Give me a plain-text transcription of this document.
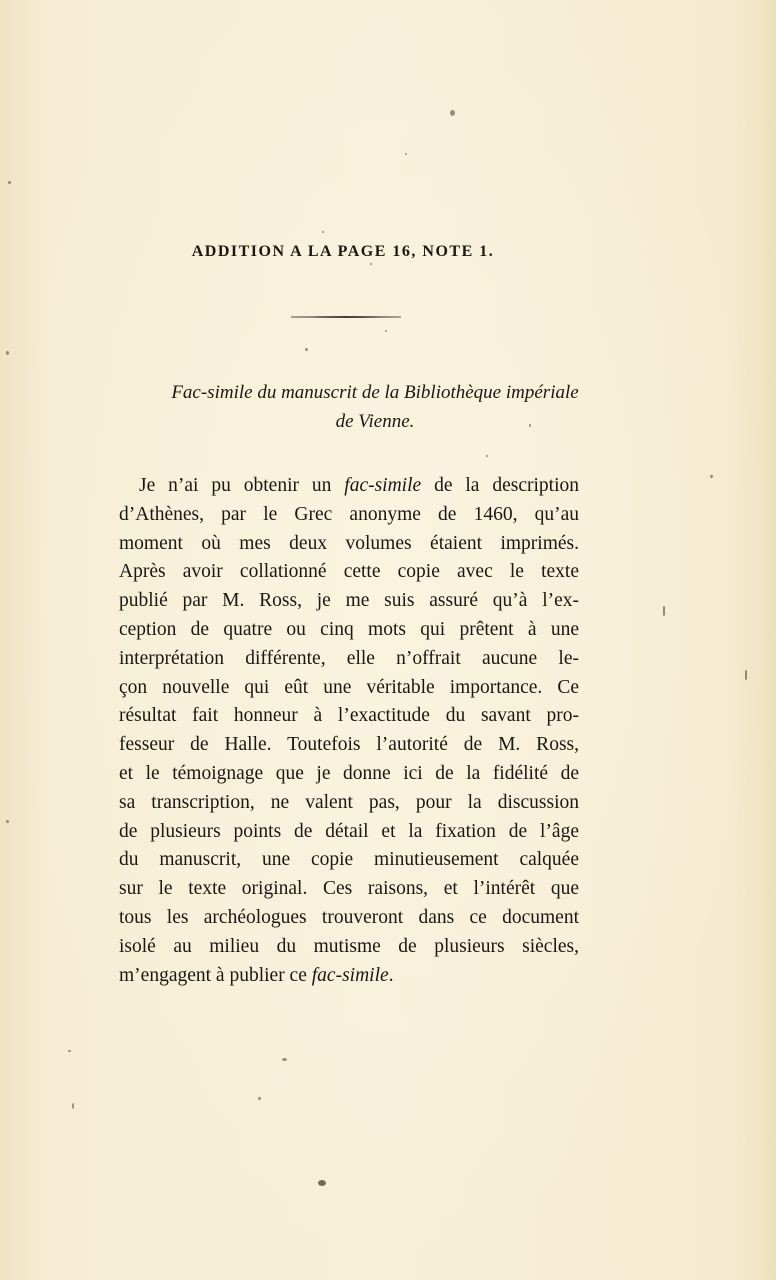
ADDITION A LA PAGE 16, NOTE 1.
Fac-simile du manuscrit de la Bibliothèque impériale
de Vienne.
Je n’ai pu obtenir un fac-simile de la description
d’Athènes, par le Grec anonyme de 1460, qu’au
moment où mes deux volumes étaient imprimés.
Après avoir collationné cette copie avec le texte
publié par M. Ross, je me suis assuré qu’à l’ex-
ception de quatre ou cinq mots qui prêtent à une
interprétation différente, elle n’offrait aucune le-
çon nouvelle qui eût une véritable importance. Ce
résultat fait honneur à l’exactitude du savant pro-
fesseur de Halle. Toutefois l’autorité de M. Ross,
et le témoignage que je donne ici de la fidélité de
sa transcription, ne valent pas, pour la discussion
de plusieurs points de détail et la fixation de l’âge
du manuscrit, une copie minutieusement calquée
sur le texte original. Ces raisons, et l’intérêt que
tous les archéologues trouveront dans ce document
isolé au milieu du mutisme de plusieurs siècles,
m’engagent à publier ce fac-simile.
